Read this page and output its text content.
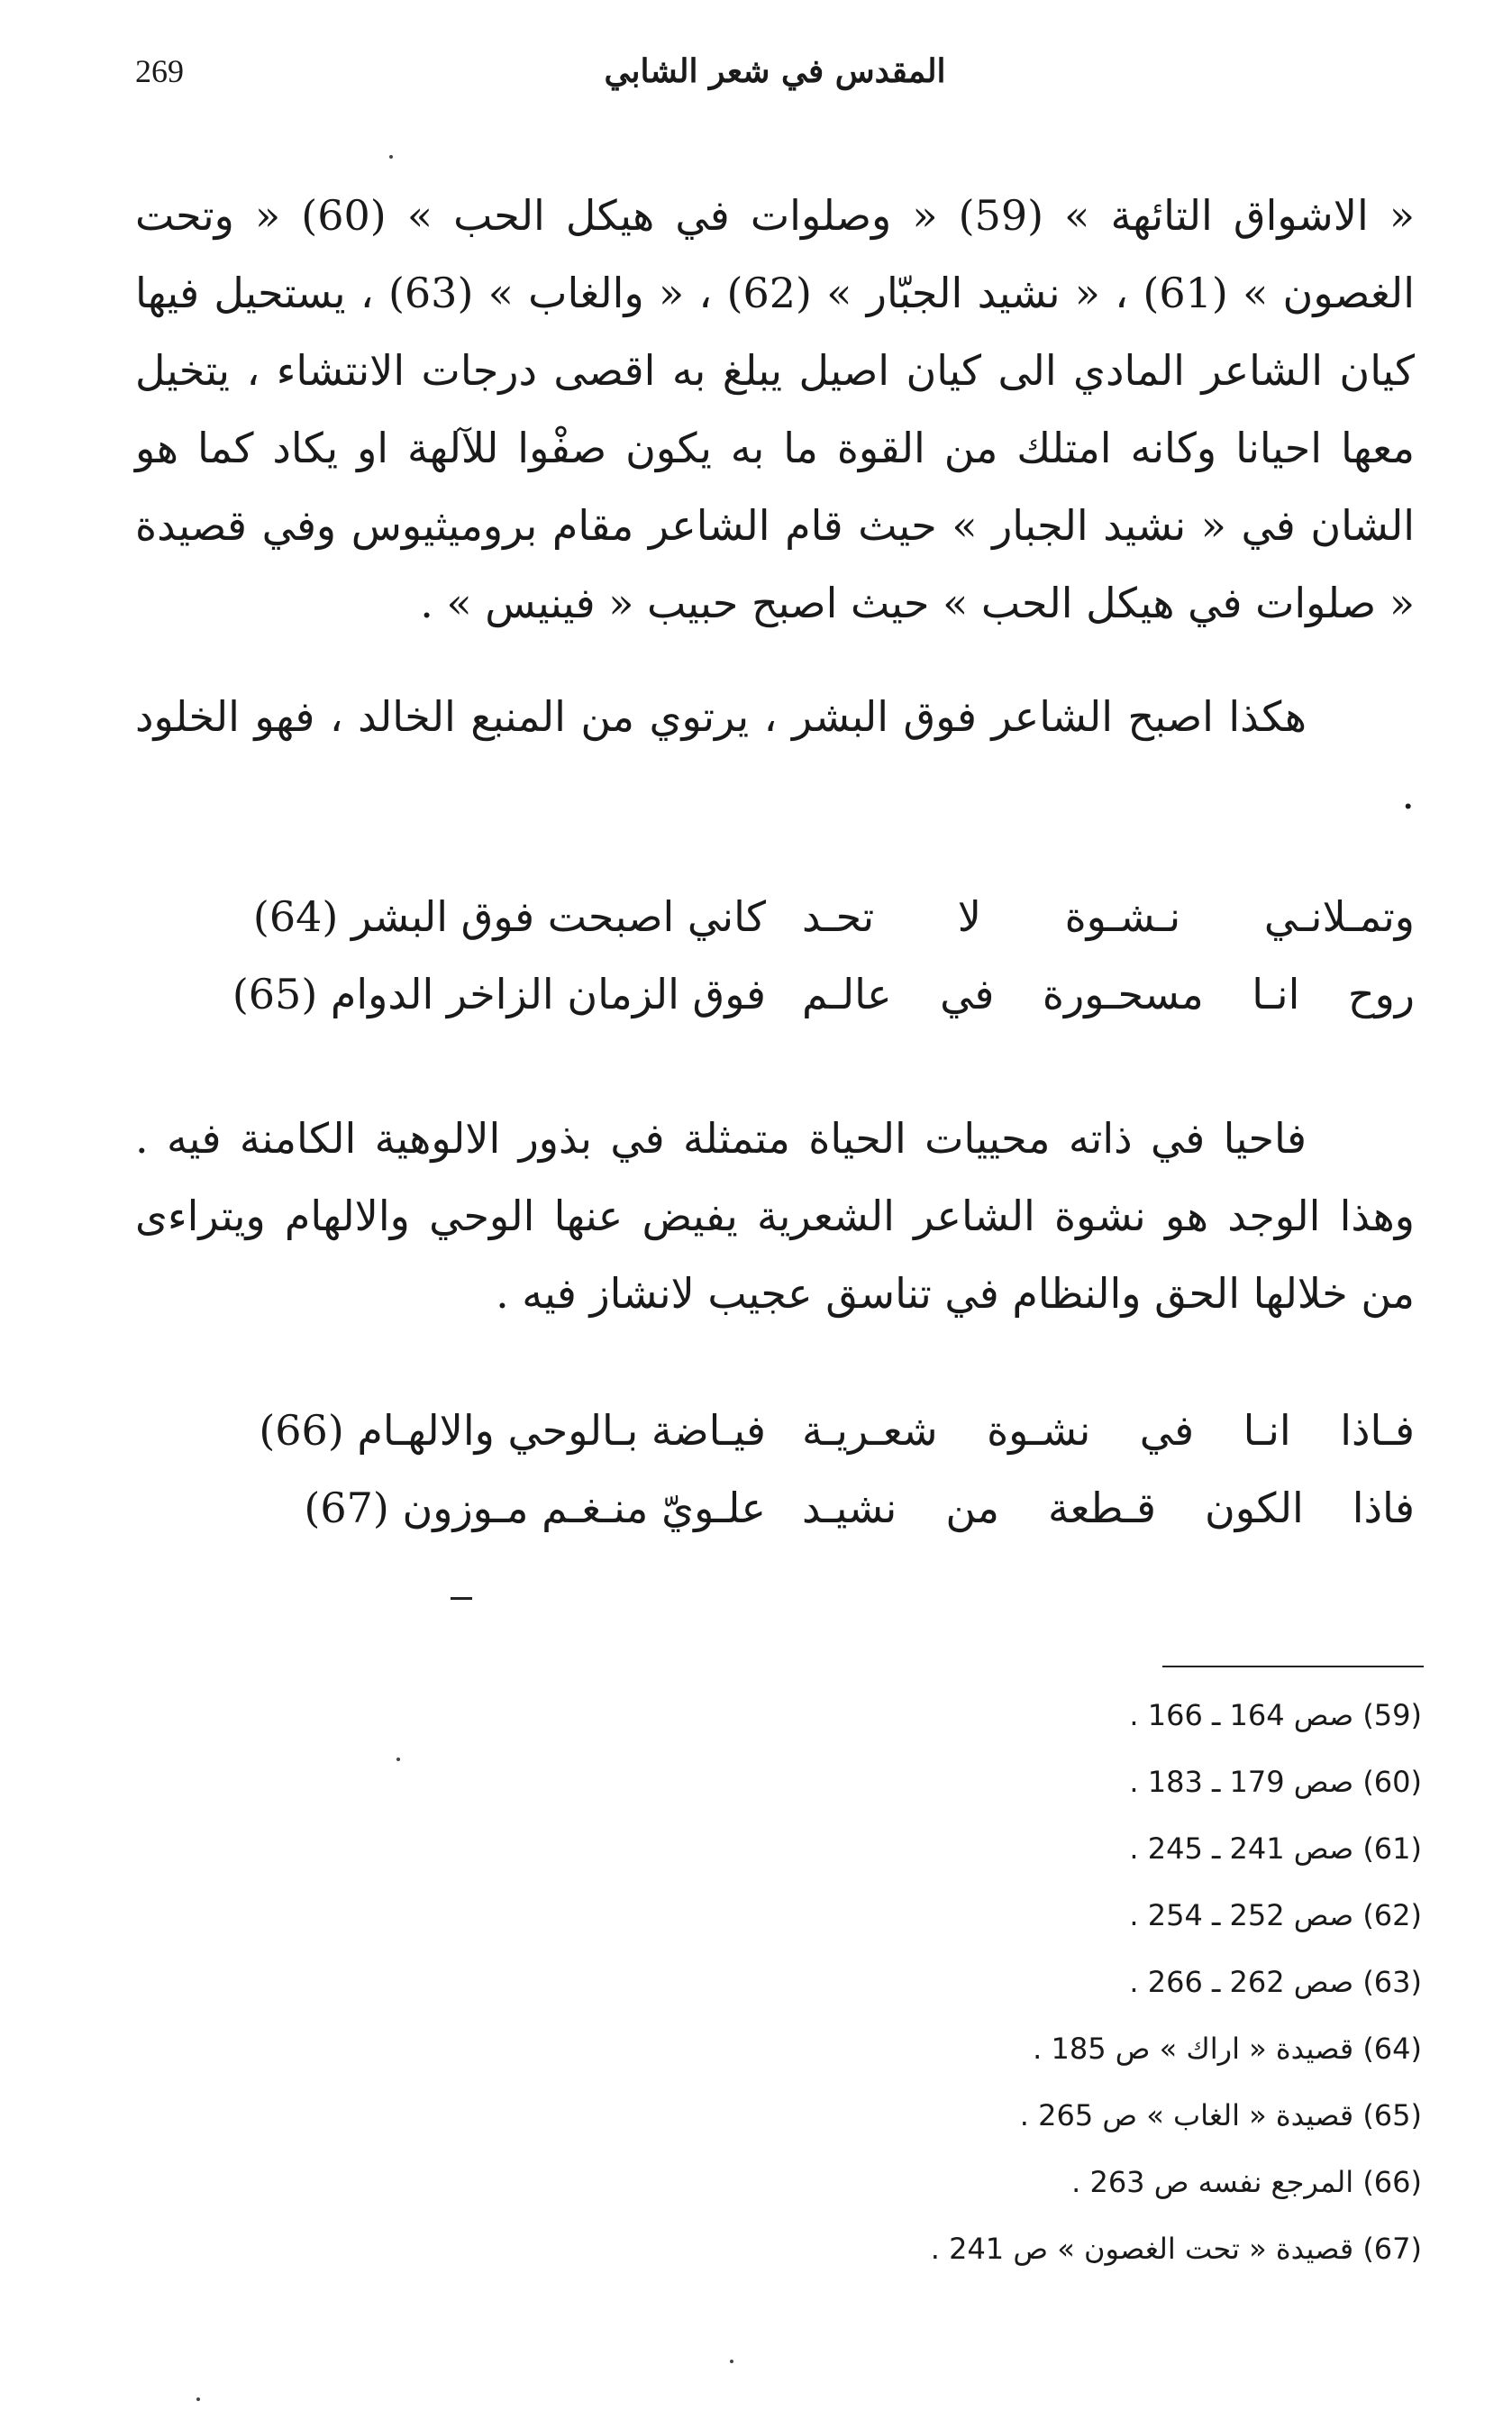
269	المقدس في شعر الشابي

« الاشواق التائهة » (59) « وصلوات في هيكل الحب » (60) « وتحت الغصون » (61) ، « نشيد الجبّار » (62) ، « والغاب » (63) ، يستحيل فيها كيان الشاعر المادي الى كيان اصيل يبلغ به اقصى درجات الانتشاء ، يتخيل معها احيانا وكانه امتلك من القوة ما به يكون صفْوا للآلهة او يكاد كما هو الشان في « نشيد الجبار » حيث قام الشاعر مقام بروميثيوس وفي قصيدة « صلوات في هيكل الحب » حيث اصبح حبيب « فينيس » .

هكذا اصبح الشاعر فوق البشر ، يرتوي من المنبع الخالد ، فهو الخلود .

وتمـلانـي نـشـوة لا تحـد
كاني اصبحت فوق البشر (64)
روح انـا مسحـورة في عالـم
فوق الزمان الزاخر الدوام (65)

فاحيا في ذاته محييات الحياة متمثلة في بذور الالوهية الكامنة فيه . وهذا الوجد هو نشوة الشاعر الشعرية يفيض عنها الوحي والالهام ويتراءى من خلالها الحق والنظام في تناسق عجيب لانشاز فيه .

فـاذا انـا في نشـوة شعـريـة
فيـاضة بـالوحي والالهـام (66)
فاذا الكون قـطعة من نشيـد
علـويّ منـغـم مـوزون (67)
(59) صص 164 ـ 166 .
(60) صص 179 ـ 183 .
(61) صص 241 ـ 245 .
(62) صص 252 ـ 254 .
(63) صص 262 ـ 266 .
(64) قصيدة « اراك » ص 185 .
(65) قصيدة « الغاب » ص 265 .
(66) المرجع نفسه ص 263 .
(67) قصيدة « تحت الغصون » ص 241 .
